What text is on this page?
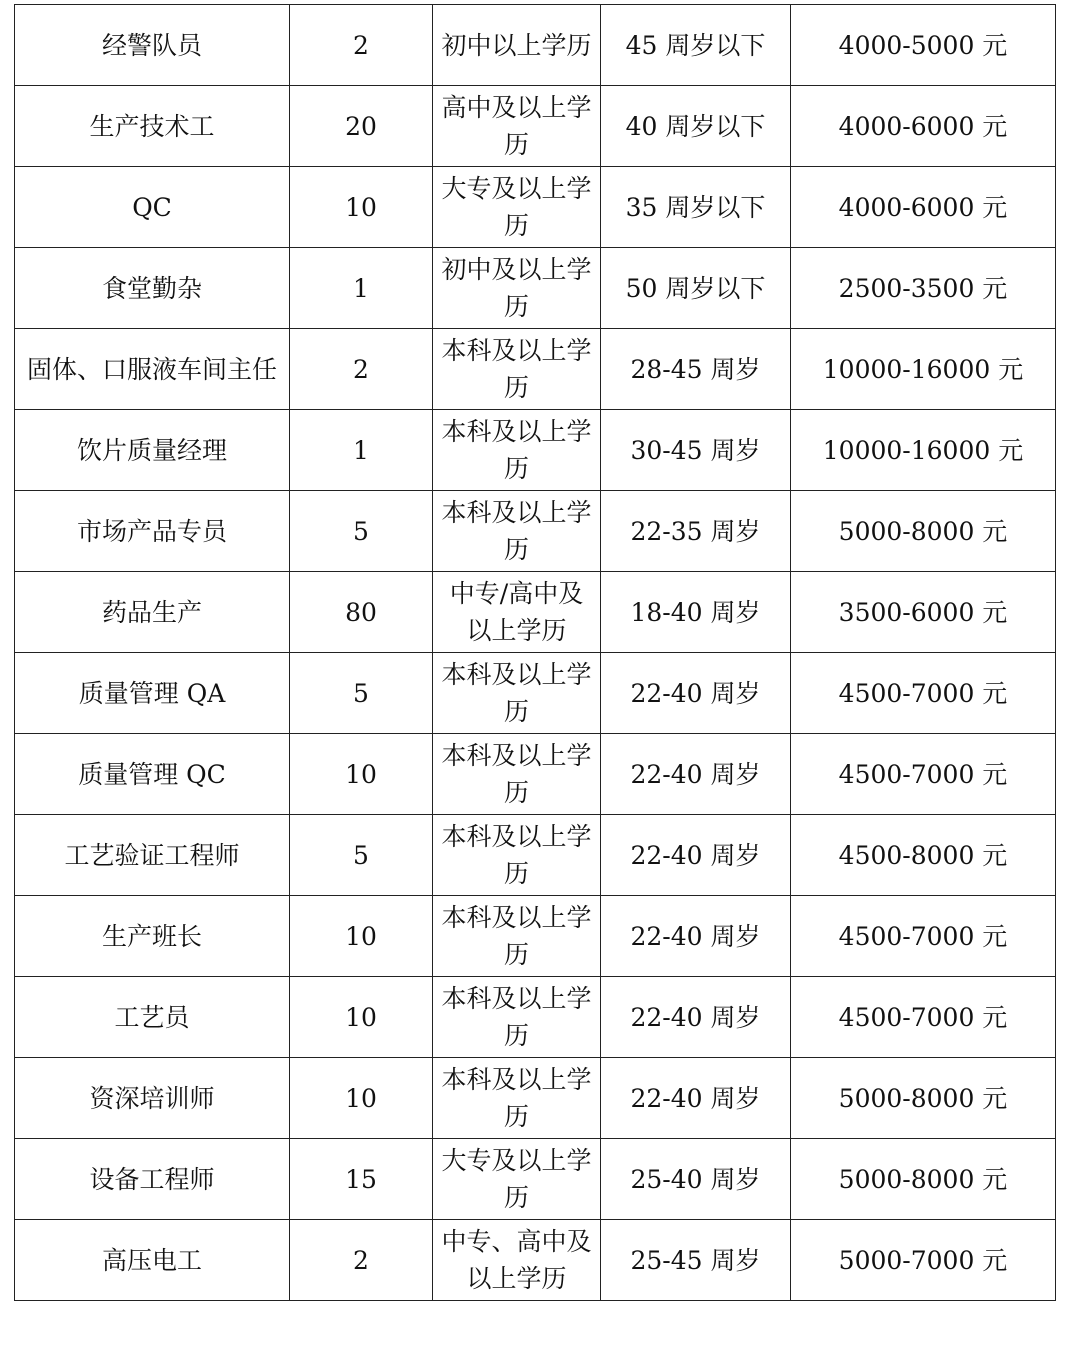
经警队员	2	初中以上学历	45 周岁以下	4000-5000 元
生产技术工	20	高中及以上学历	40 周岁以下	4000-6000 元
QC	10	大专及以上学历	35 周岁以下	4000-6000 元
食堂勤杂	1	初中及以上学历	50 周岁以下	2500-3500 元
固体、口服液车间主任	2	本科及以上学历	28-45 周岁	10000-16000 元
饮片质量经理	1	本科及以上学历	30-45 周岁	10000-16000 元
市场产品专员	5	本科及以上学历	22-35 周岁	5000-8000 元
药品生产	80	中专/高中及以上学历	18-40 周岁	3500-6000 元
质量管理 QA	5	本科及以上学历	22-40 周岁	4500-7000 元
质量管理 QC	10	本科及以上学历	22-40 周岁	4500-7000 元
工艺验证工程师	5	本科及以上学历	22-40 周岁	4500-8000 元
生产班长	10	本科及以上学历	22-40 周岁	4500-7000 元
工艺员	10	本科及以上学历	22-40 周岁	4500-7000 元
资深培训师	10	本科及以上学历	22-40 周岁	5000-8000 元
设备工程师	15	大专及以上学历	25-40 周岁	5000-8000 元
高压电工	2	中专、高中及以上学历	25-45 周岁	5000-7000 元
